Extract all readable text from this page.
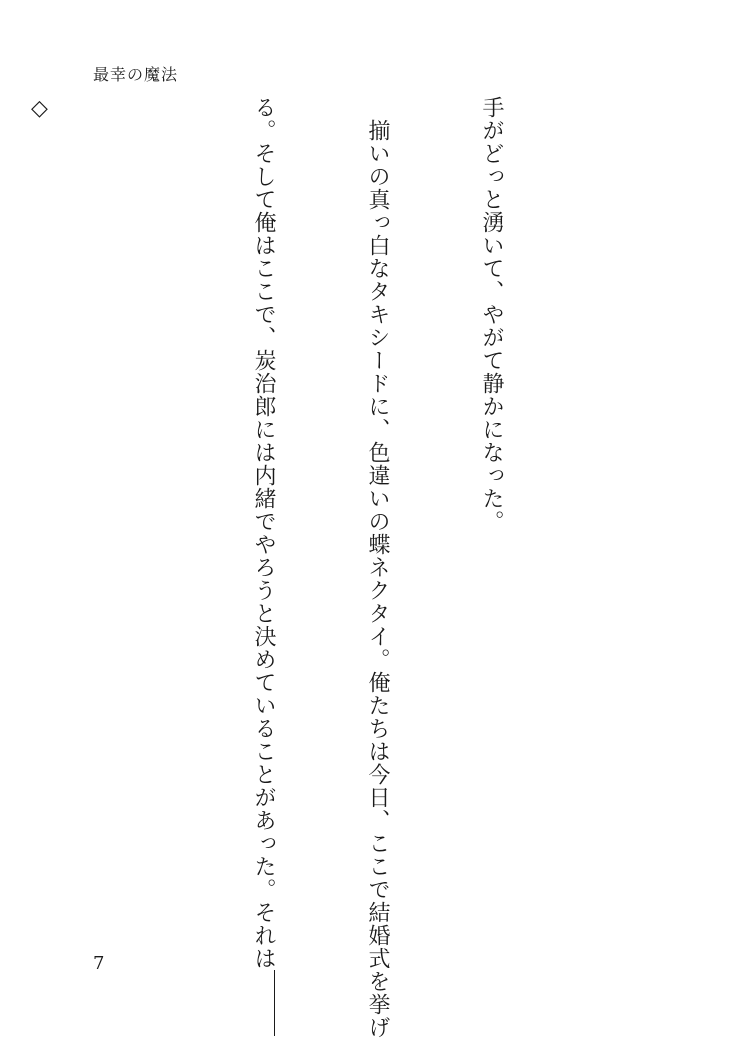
最幸の魔法

手がどっと湧いて、やがて静かになった。

　揃いの真っ白なタキシードに、色違いの蝶ネクタイ。俺たちは今日、ここで結婚式を挙げ

る。そして俺はここで、炭治郎には内緒でやろうと決めていることがあった。それは

◇

7
